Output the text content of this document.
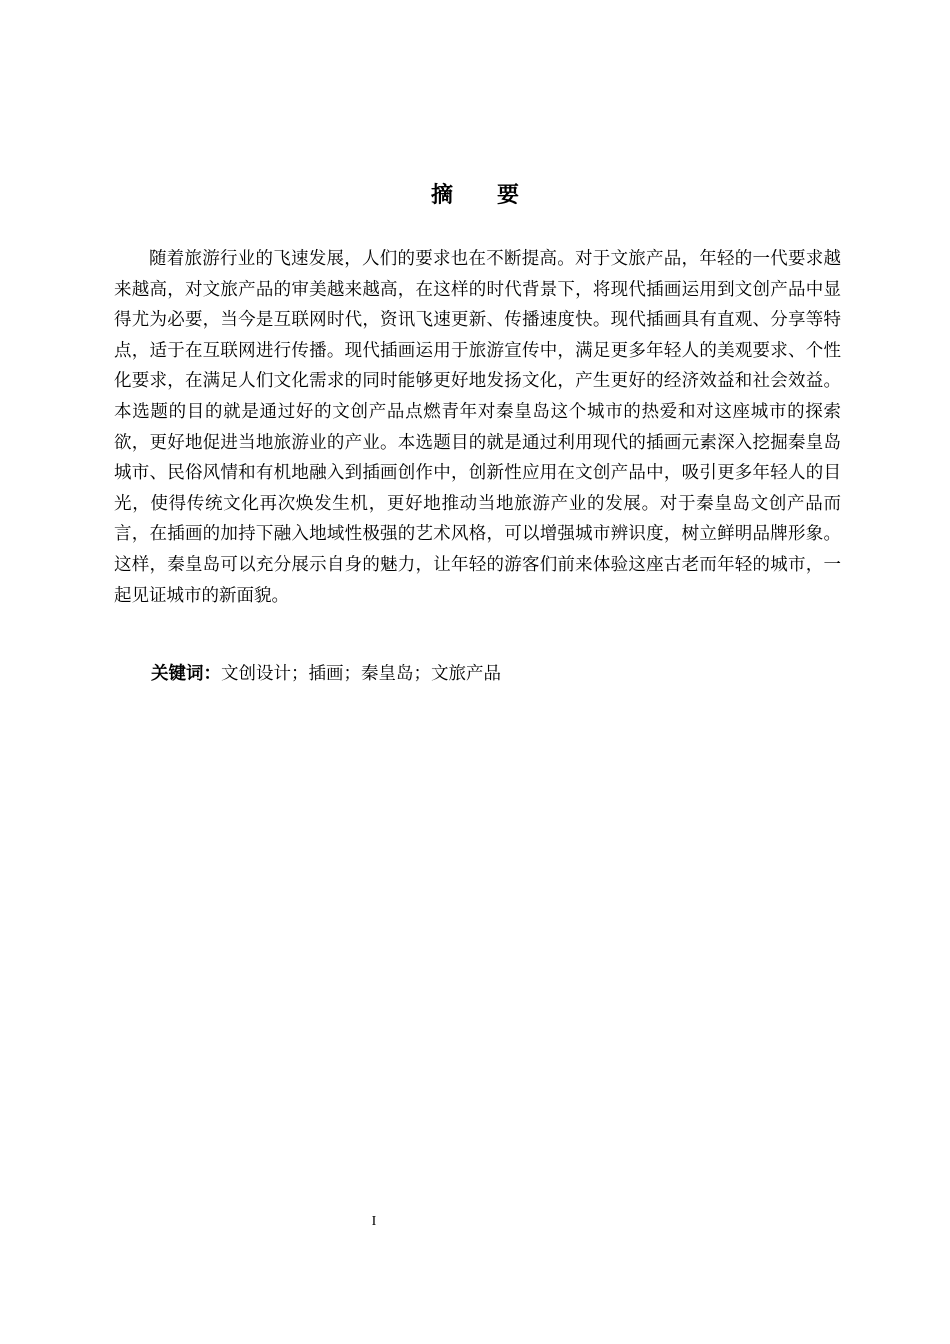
摘 要

随着旅游行业的飞速发展，人们的要求也在不断提高。对于文旅产品，年轻的一代要求越来越高，对文旅产品的审美越来越高，在这样的时代背景下，将现代插画运用到文创产品中显得尤为必要，当今是互联网时代，资讯飞速更新、传播速度快。现代插画具有直观、分享等特点，适于在互联网进行传播。现代插画运用于旅游宣传中，满足更多年轻人的美观要求、个性化要求，在满足人们文化需求的同时能够更好地发扬文化，产生更好的经济效益和社会效益。本选题的目的就是通过好的文创产品点燃青年对秦皇岛这个城市的热爱和对这座城市的探索欲，更好地促进当地旅游业的产业。本选题目的就是通过利用现代的插画元素深入挖掘秦皇岛城市、民俗风情和有机地融入到插画创作中，创新性应用在文创产品中，吸引更多年轻人的目光，使得传统文化再次焕发生机，更好地推动当地旅游产业的发展。对于秦皇岛文创产品而言，在插画的加持下融入地域性极强的艺术风格，可以增强城市辨识度，树立鲜明品牌形象。这样，秦皇岛可以充分展示自身的魅力，让年轻的游客们前来体验这座古老而年轻的城市，一起见证城市的新面貌。

关键词：文创设计；插画；秦皇岛；文旅产品

I
